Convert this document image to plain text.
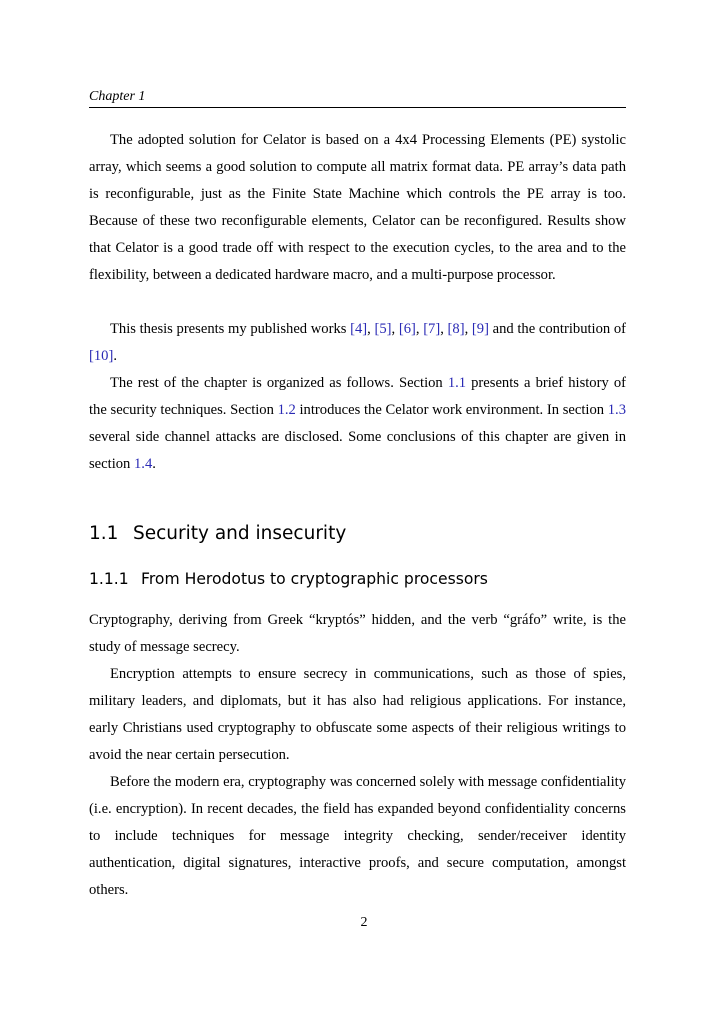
Chapter 1

The adopted solution for Celator is based on a 4x4 Processing Elements (PE) systolic array, which seems a good solution to compute all matrix format data. PE array’s data path is reconfigurable, just as the Finite State Machine which controls the PE array is too. Because of these two reconfigurable elements, Celator can be reconfigured. Results show that Celator is a good trade off with respect to the execution cycles, to the area and to the flexibility, between a dedicated hardware macro, and a multi-purpose processor.

This thesis presents my published works [4], [5], [6], [7], [8], [9] and the contribution of [10].

The rest of the chapter is organized as follows. Section 1.1 presents a brief history of the security techniques. Section 1.2 introduces the Celator work environment. In section 1.3 several side channel attacks are disclosed. Some conclusions of this chapter are given in section 1.4.

1.1 Security and insecurity
1.1.1 From Herodotus to cryptographic processors

Cryptography, deriving from Greek “kryptós” hidden, and the verb “gráfo” write, is the study of message secrecy.

Encryption attempts to ensure secrecy in communications, such as those of spies, military leaders, and diplomats, but it has also had religious applications. For instance, early Christians used cryptography to obfuscate some aspects of their religious writings to avoid the near certain persecution.

Before the modern era, cryptography was concerned solely with message confidentiality (i.e. encryption). In recent decades, the field has expanded beyond confidentiality concerns to include techniques for message integrity checking, sender/receiver identity authentication, digital signatures, interactive proofs, and secure computation, amongst others.

2
